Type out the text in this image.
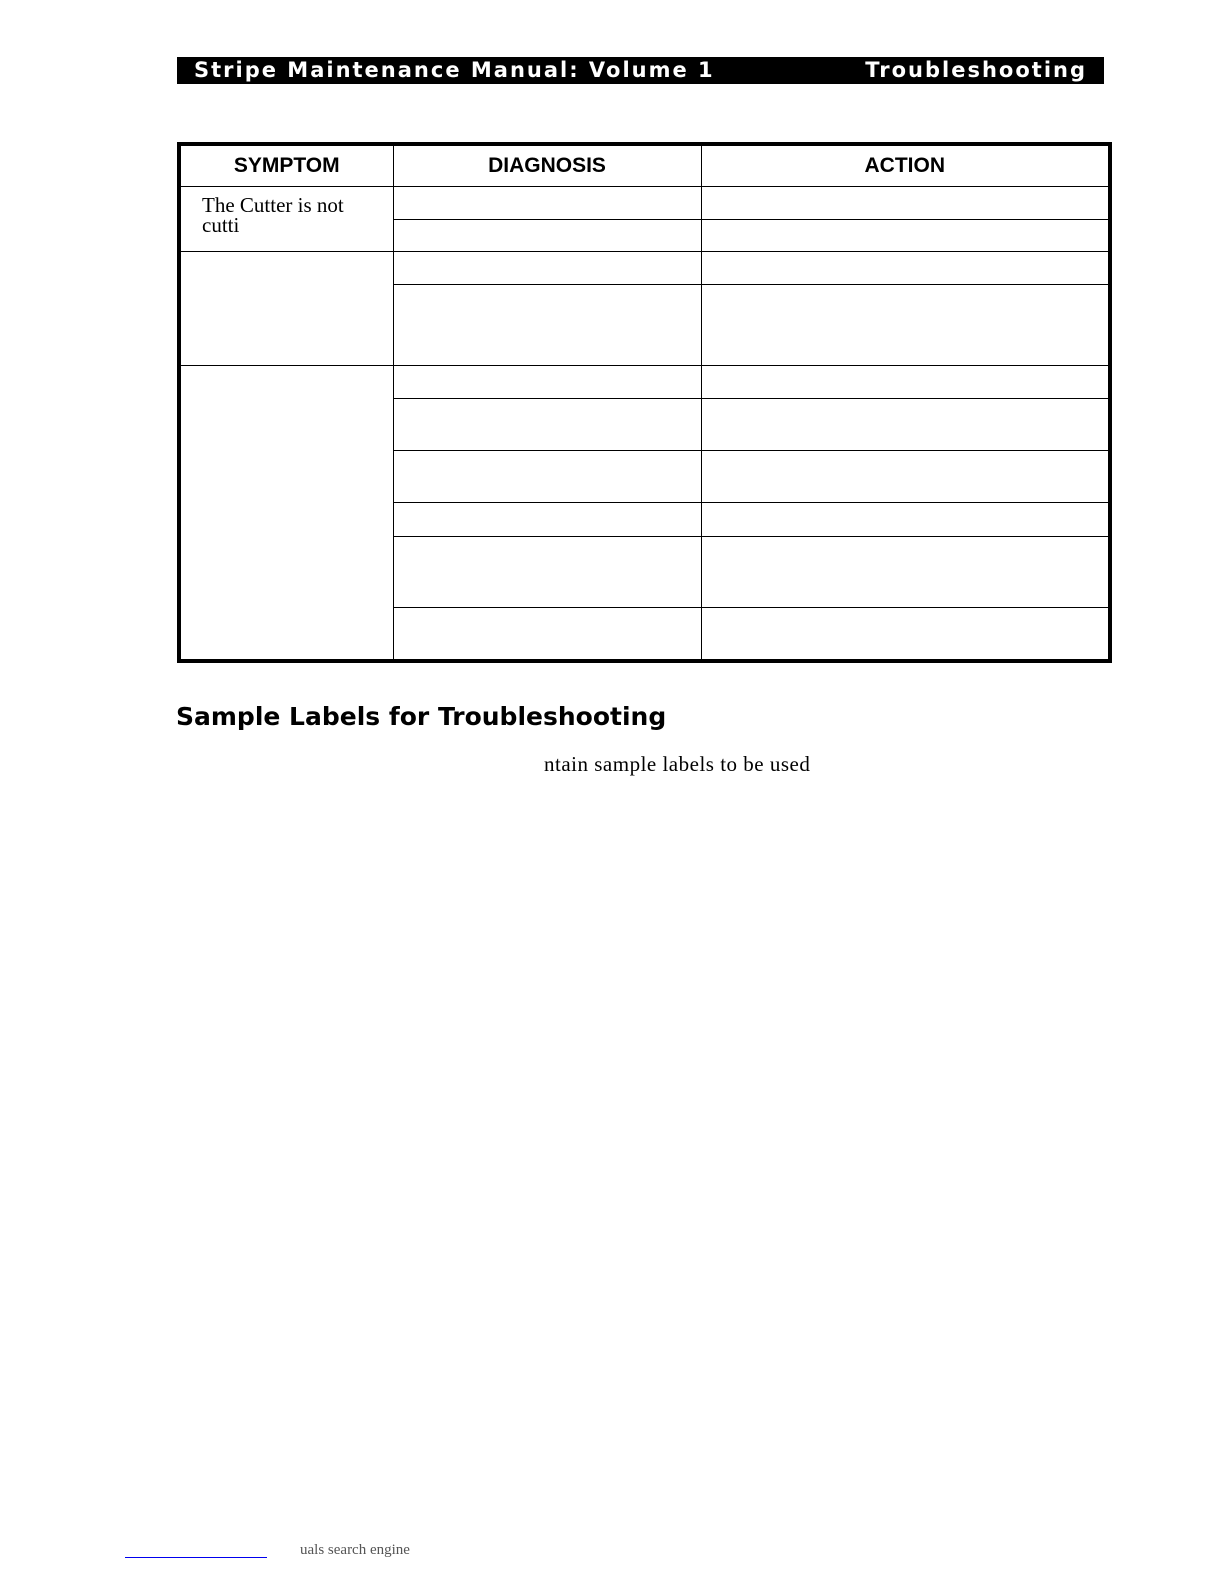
Stripe Maintenance Manual: Volume 1	Troubleshooting
SYMPTOM	DIAGNOSIS	ACTION

The Cutter is not cutti		

Sample Labels for Troubleshooting
ntain sample labels to be used
uals search engine
